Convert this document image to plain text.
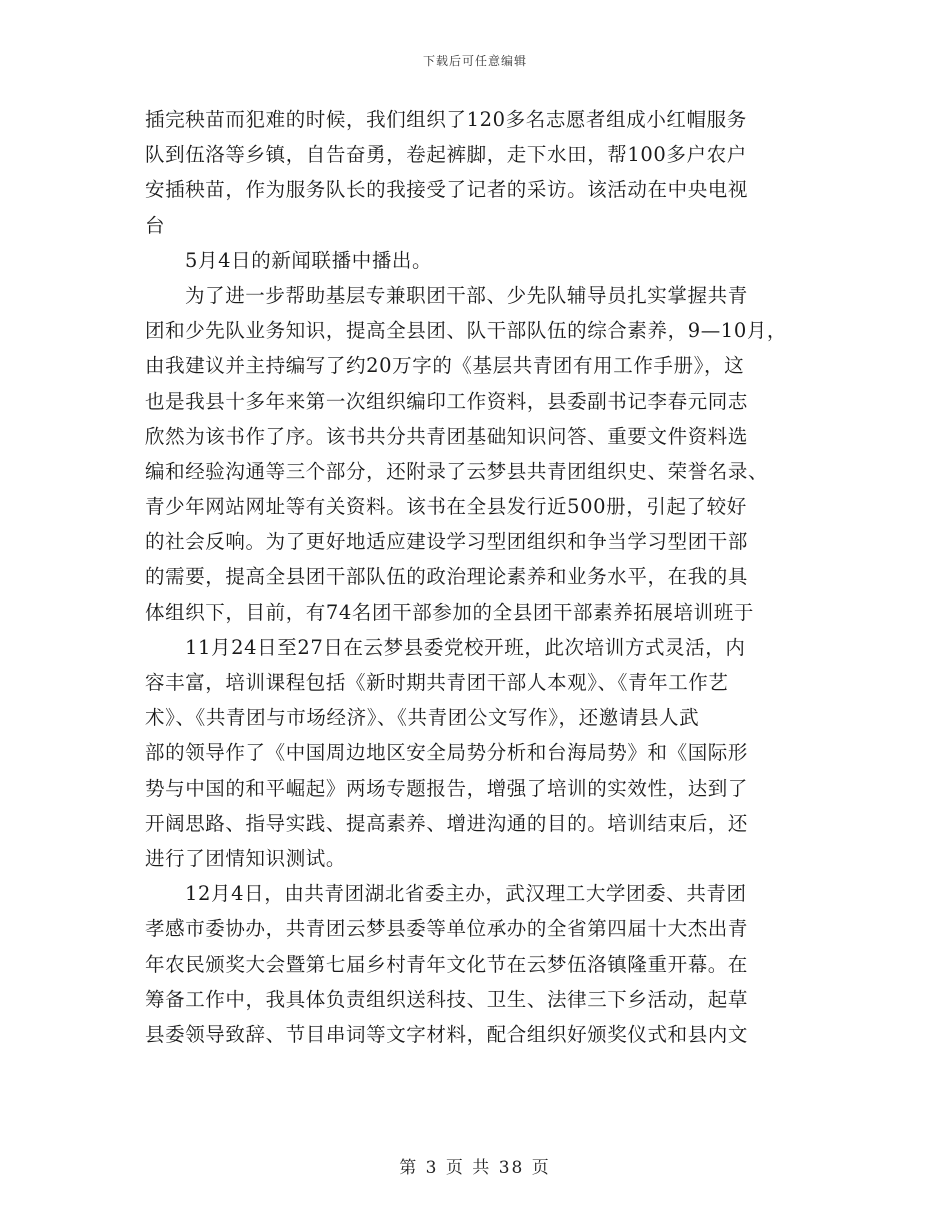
下载后可任意编辑
插完秧苗而犯难的时候，我们组织了120多名志愿者组成小红帽服务
队到伍洛等乡镇，自告奋勇，卷起裤脚，走下水田，帮100多户农户
安插秧苗，作为服务队长的我接受了记者的采访。该活动在中央电视
台
5月4日的新闻联播中播出。
为了进一步帮助基层专兼职团干部、少先队辅导员扎实掌握共青
团和少先队业务知识，提高全县团、队干部队伍的综合素养，9—10月，
由我建议并主持编写了约20万字的《基层共青团有用工作手册》，这
也是我县十多年来第一次组织编印工作资料，县委副书记李春元同志
欣然为该书作了序。该书共分共青团基础知识问答、重要文件资料选
编和经验沟通等三个部分，还附录了云梦县共青团组织史、荣誉名录、
青少年网站网址等有关资料。该书在全县发行近500册，引起了较好
的社会反响。为了更好地适应建设学习型团组织和争当学习型团干部
的需要，提高全县团干部队伍的政治理论素养和业务水平，在我的具
体组织下，目前，有74名团干部参加的全县团干部素养拓展培训班于
11月24日至27日在云梦县委党校开班，此次培训方式灵活，内
容丰富，培训课程包括《新时期共青团干部人本观》、《青年工作艺
术》、《共青团与市场经济》、《共青团公文写作》，还邀请县人武
部的领导作了《中国周边地区安全局势分析和台海局势》和《国际形
势与中国的和平崛起》两场专题报告，增强了培训的实效性，达到了
开阔思路、指导实践、提高素养、增进沟通的目的。培训结束后，还
进行了团情知识测试。
12月4日，由共青团湖北省委主办，武汉理工大学团委、共青团
孝感市委协办，共青团云梦县委等单位承办的全省第四届十大杰出青
年农民颁奖大会暨第七届乡村青年文化节在云梦伍洛镇隆重开幕。在
筹备工作中，我具体负责组织送科技、卫生、法律三下乡活动，起草
县委领导致辞、节目串词等文字材料，配合组织好颁奖仪式和县内文
第 3 页 共 38 页
